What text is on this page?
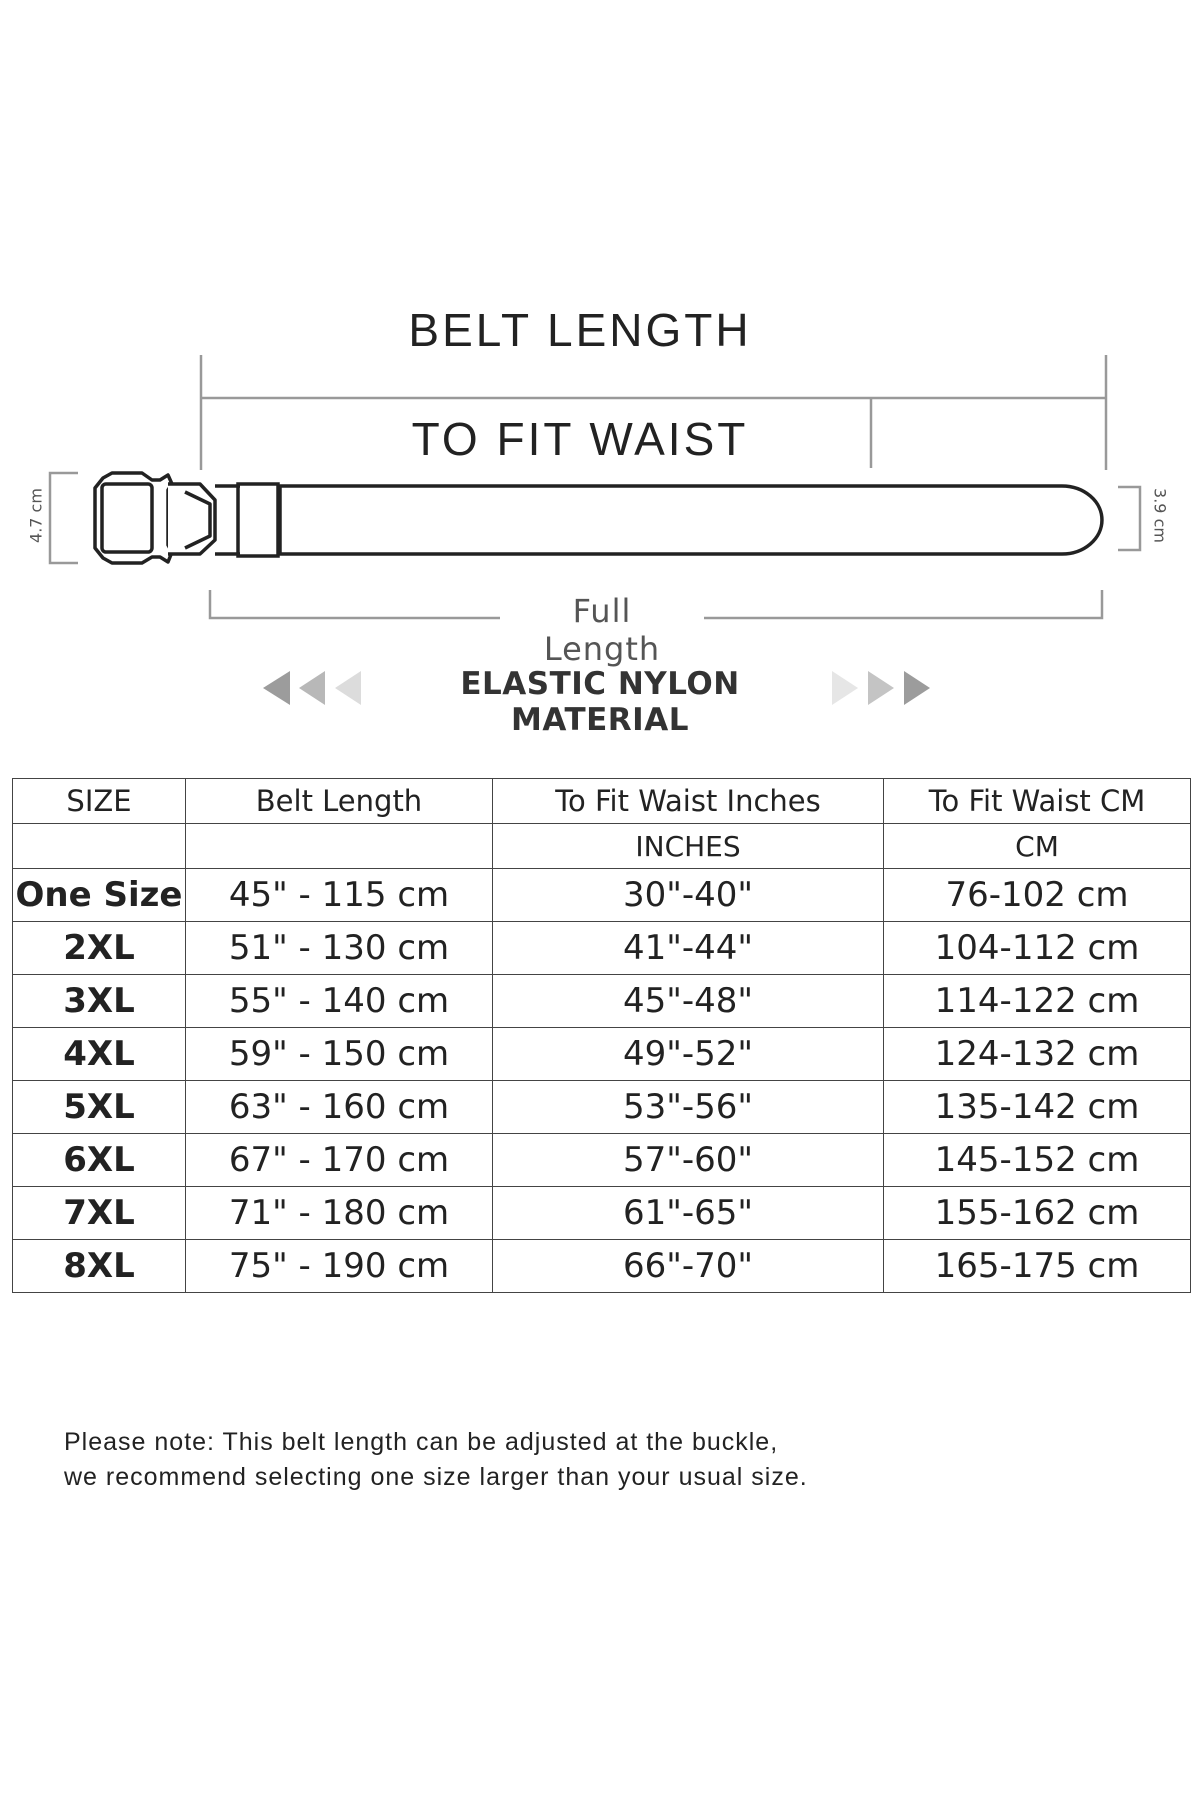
BELT LENGTH
TO FIT WAIST
Full Length
4.7 cm	3.9 cm
ELASTIC NYLON MATERIAL
SIZE	Belt Length	To Fit Waist Inches	To Fit Waist CM
		INCHES	CM
One Size	45" - 115 cm	30"-40"	76-102 cm
2XL	51" - 130 cm	41"-44"	104-112 cm
3XL	55" - 140 cm	45"-48"	114-122 cm
4XL	59" - 150 cm	49"-52"	124-132 cm
5XL	63" - 160 cm	53"-56"	135-142 cm
6XL	67" - 170 cm	57"-60"	145-152 cm
7XL	71" - 180 cm	61"-65"	155-162 cm
8XL	75" - 190 cm	66"-70"	165-175 cm
Please note: This belt length can be adjusted at the buckle,
we recommend selecting one size larger than your usual size.
